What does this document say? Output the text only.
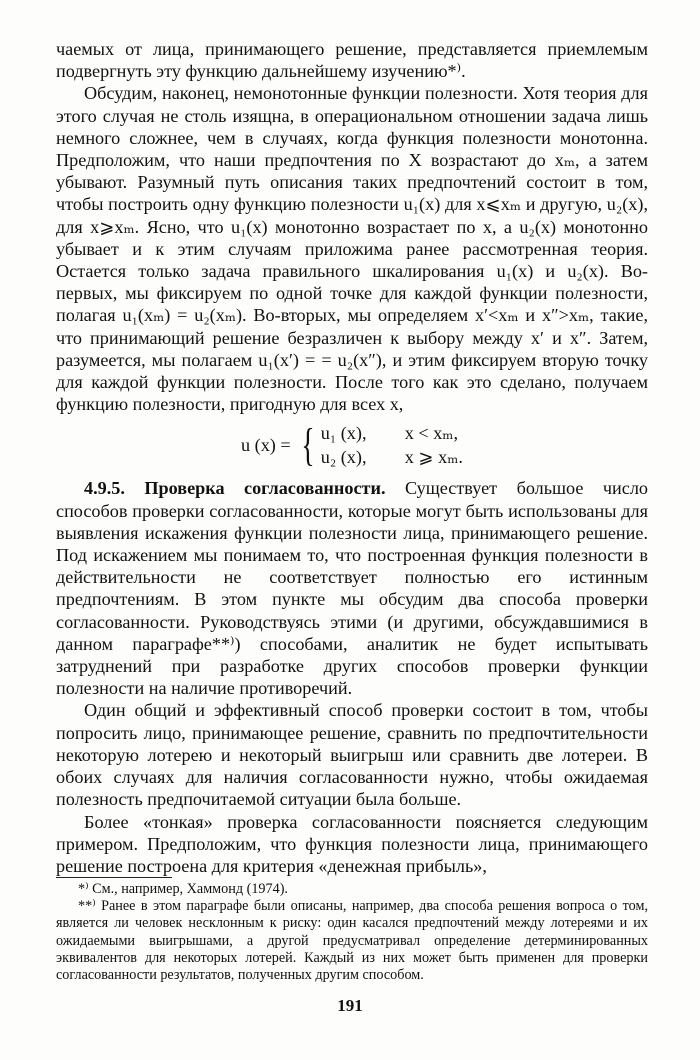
чаемых от лица, принимающего решение, представляется приемлемым подвергнуть эту функцию дальнейшему изучению*⁾.

Обсудим, наконец, немонотонные функции полезности. Хотя теория для этого случая не столь изящна, в операциональном отношении задача лишь немного сложнее, чем в случаях, когда функция полезности монотонна. Предположим, что наши предпочтения по X возрастают до xₘ, а затем убывают. Разумный путь описания таких предпочтений состоит в том, чтобы построить одну функцию полезности u₁(x) для x⩽xₘ и другую, u₂(x), для x⩾xₘ. Ясно, что u₁(x) монотонно возрастает по x, а u₂(x) монотонно убывает и к этим случаям приложима ранее рассмотренная теория. Остается только задача правильного шкалирования u₁(x) и u₂(x). Во-первых, мы фиксируем по одной точке для каждой функции полезности, полагая u₁(xₘ) = u₂(xₘ). Во-вторых, мы определяем x′<xₘ и x″>xₘ, такие, что принимающий решение безразличен к выбору между x′ и x″. Затем, разумеется, мы полагаем u₁(x′) = = u₂(x″), и этим фиксируем вторую точку для каждой функции полезности. После того как это сделано, получаем функцию полезности, пригодную для всех x,

u (x) = { u₁ (x),	x < xₘ,
u₂ (x),	x ⩾ xₘ.

4.9.5. Проверка согласованности. Существует большое число способов проверки согласованности, которые могут быть использованы для выявления искажения функции полезности лица, принимающего решение. Под искажением мы понимаем то, что построенная функция полезности в действительности не соответствует полностью его истинным предпочтениям. В этом пункте мы обсудим два способа проверки согласованности. Руководствуясь этими (и другими, обсуждавшимися в данном параграфе**⁾) способами, аналитик не будет испытывать затруднений при разработке других способов проверки функции полезности на наличие противоречий.

Один общий и эффективный способ проверки состоит в том, чтобы попросить лицо, принимающее решение, сравнить по предпочтительности некоторую лотерею и некоторый выигрыш или сравнить две лотереи. В обоих случаях для наличия согласованности нужно, чтобы ожидаемая полезность предпочитаемой ситуации была больше.

Более «тонкая» проверка согласованности поясняется следующим примером. Предположим, что функция полезности лица, принимающего решение построена для критерия «денежная прибыль»,

*⁾ См., например, Хаммонд (1974).

**⁾ Ранее в этом параграфе были описаны, например, два способа решения вопроса о том, является ли человек несклонным к риску: один касался предпочтений между лотереями и их ожидаемыми выигрышами, а другой предусматривал определение детерминированных эквивалентов для некоторых лотерей. Каждый из них может быть применен для проверки согласованности результатов, полученных другим способом.

191
